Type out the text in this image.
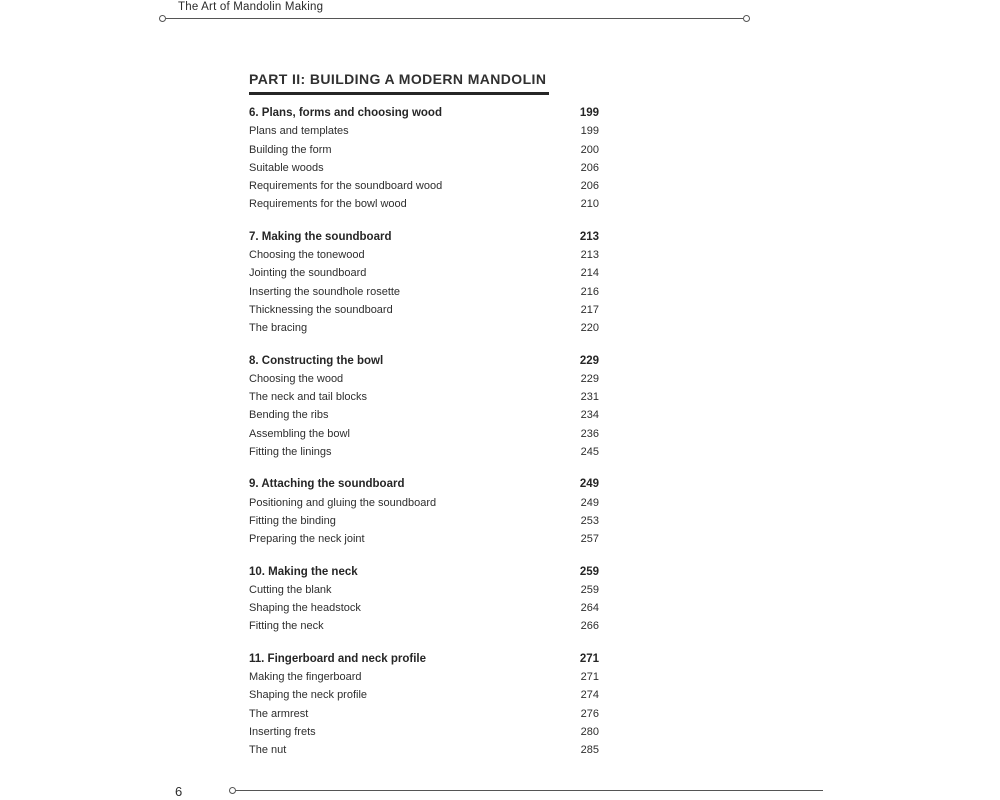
The Art of Mandolin Making
PART II: BUILDING A MODERN MANDOLIN
6. Plans, forms and choosing wood	199
Plans and templates	199
Building the form	200
Suitable woods	206
Requirements for the soundboard wood	206
Requirements for the bowl wood	210
7. Making the soundboard	213
Choosing the tonewood	213
Jointing the soundboard	214
Inserting the soundhole rosette	216
Thicknessing the soundboard	217
The bracing	220
8. Constructing the bowl	229
Choosing the wood	229
The neck and tail blocks	231
Bending the ribs	234
Assembling the bowl	236
Fitting the linings	245
9. Attaching the soundboard	249
Positioning and gluing the soundboard	249
Fitting the binding	253
Preparing the neck joint	257
10. Making the neck	259
Cutting the blank	259
Shaping the headstock	264
Fitting the neck	266
11. Fingerboard and neck profile	271
Making the fingerboard	271
Shaping the neck profile	274
The armrest	276
Inserting frets	280
The nut	285
6
